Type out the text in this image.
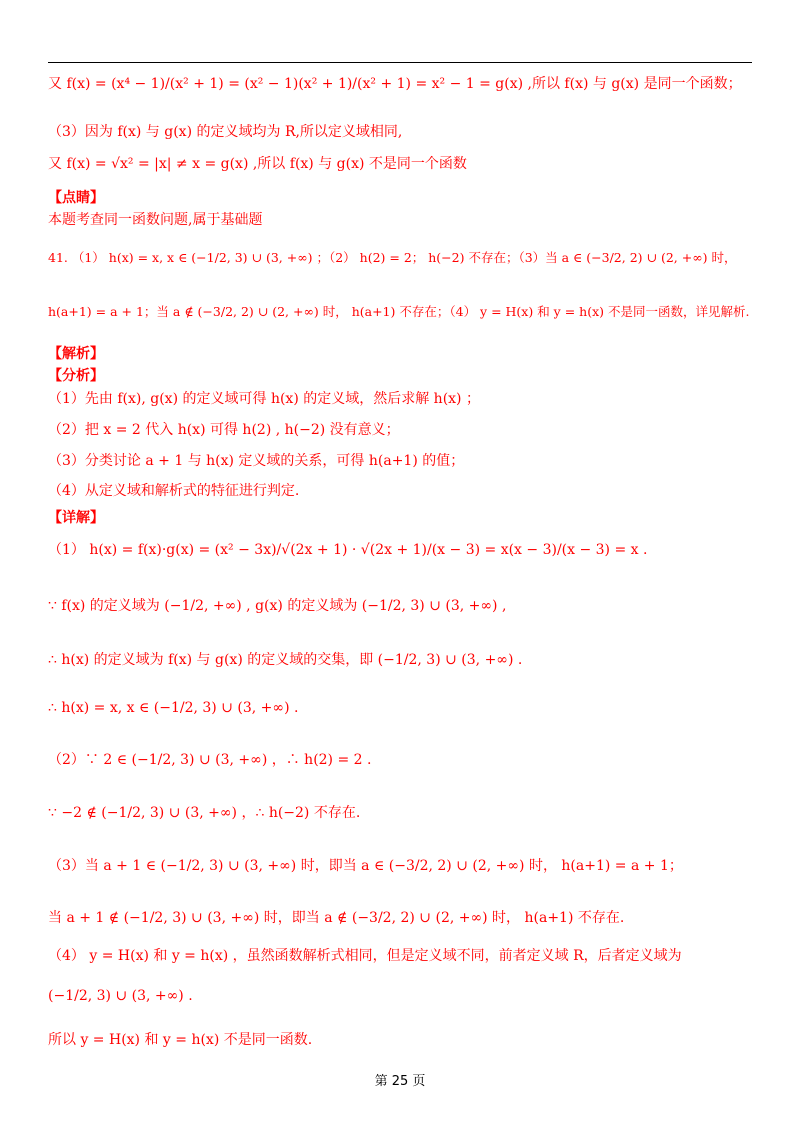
又 f(x) = (x⁴ − 1)/(x² + 1) = (x² − 1)(x² + 1)/(x² + 1) = x² − 1 = g(x) ,所以 f(x) 与 g(x) 是同一个函数；
（3）因为 f(x) 与 g(x) 的定义域均为 R,所以定义域相同,
又 f(x) = √x² = |x| ≠ x = g(x) ,所以 f(x) 与 g(x) 不是同一个函数
【点睛】
本题考查同一函数问题,属于基础题
41. （1） h(x) = x, x ∈ (−1/2, 3) ∪ (3, +∞) ；（2） h(2) = 2； h(−2) 不存在；（3）当 a ∈ (−3/2, 2) ∪ (2, +∞) 时，
h(a+1) = a + 1；当 a ∉ (−3/2, 2) ∪ (2, +∞) 时， h(a+1) 不存在；（4） y = H(x) 和 y = h(x) 不是同一函数，详见解析.
【解析】
【分析】
（1）先由 f(x), g(x) 的定义域可得 h(x) 的定义域，然后求解 h(x) ；
（2）把 x = 2 代入 h(x) 可得 h(2) , h(−2) 没有意义；
（3）分类讨论 a + 1 与 h(x) 定义域的关系，可得 h(a+1) 的值；
（4）从定义域和解析式的特征进行判定.
【详解】
（1） h(x) = f(x)·g(x) = (x² − 3x)/√(2x + 1) · √(2x + 1)/(x − 3) = x(x − 3)/(x − 3) = x .
∵ f(x) 的定义域为 (−1/2, +∞) , g(x) 的定义域为 (−1/2, 3) ∪ (3, +∞) ,
∴ h(x) 的定义域为 f(x) 与 g(x) 的定义域的交集，即 (−1/2, 3) ∪ (3, +∞) .
∴ h(x) = x, x ∈ (−1/2, 3) ∪ (3, +∞) .
（2）∵ 2 ∈ (−1/2, 3) ∪ (3, +∞) ，∴ h(2) = 2 .
∵ −2 ∉ (−1/2, 3) ∪ (3, +∞) ，∴ h(−2) 不存在.
（3）当 a + 1 ∈ (−1/2, 3) ∪ (3, +∞) 时，即当 a ∈ (−3/2, 2) ∪ (2, +∞) 时， h(a+1) = a + 1；
当 a + 1 ∉ (−1/2, 3) ∪ (3, +∞) 时，即当 a ∉ (−3/2, 2) ∪ (2, +∞) 时， h(a+1) 不存在.
（4） y = H(x) 和 y = h(x) ，虽然函数解析式相同，但是定义域不同，前者定义域 R，后者定义域为
(−1/2, 3) ∪ (3, +∞) .
所以 y = H(x) 和 y = h(x) 不是同一函数.
第 25 页
